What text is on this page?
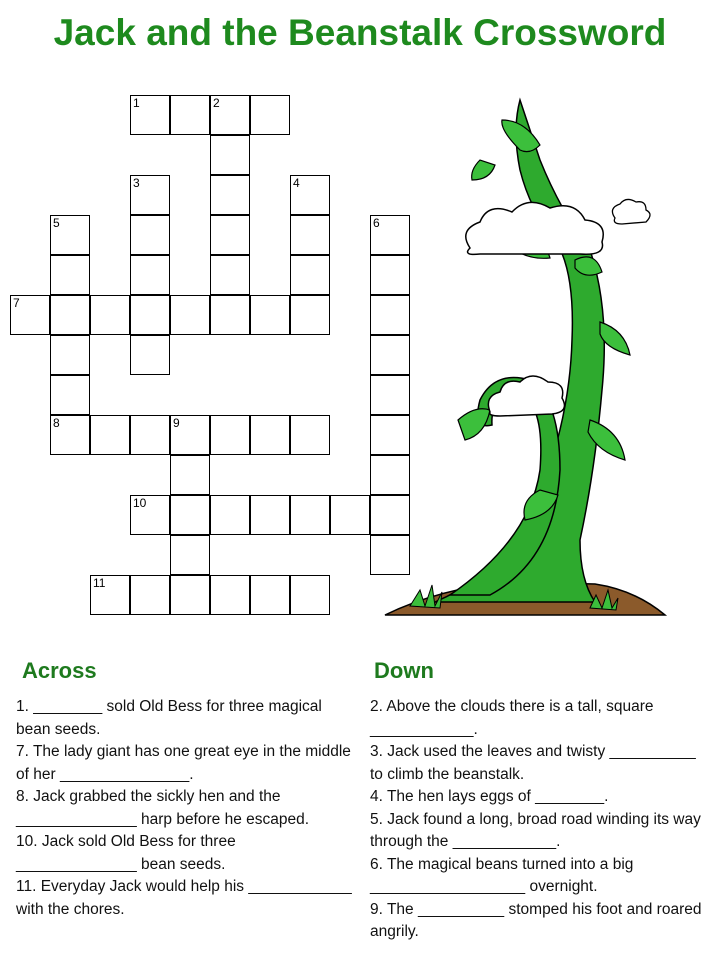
Jack and the Beanstalk Crossword
1	2
3	4
5
8
6
7
9
10
11
Across
1. ________ sold Old Bess for three magical bean seeds.
7. The lady giant has one great eye in the middle of her _______________.
8. Jack grabbed the sickly hen and the ______________ harp before he escaped.
10. Jack sold Old Bess for three ______________ bean seeds.
11. Everyday Jack would help his ____________ with the chores.
Down
2. Above the clouds there is a tall, square ____________.
3. Jack used the leaves and twisty __________ to climb the beanstalk.
4. The hen lays eggs of ________.
5. Jack found a long, broad road winding its way through the ____________.
6. The magical beans turned into a big __________________ overnight.
9. The __________ stomped his foot and roared angrily.
